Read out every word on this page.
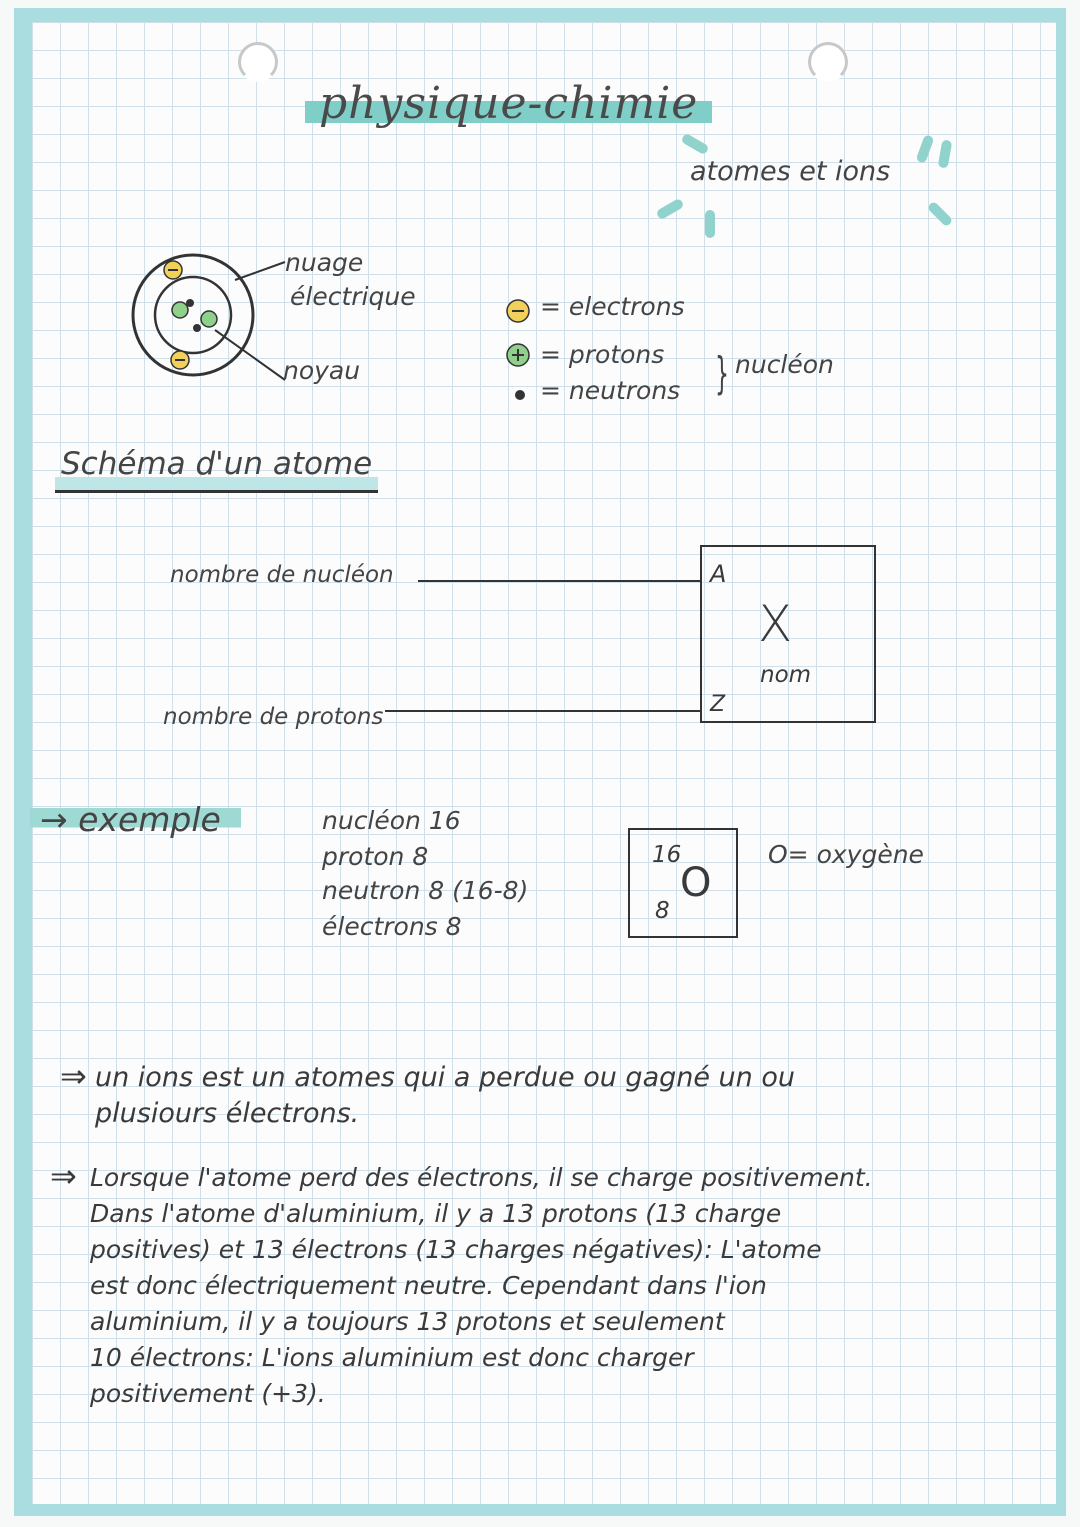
physique-chimie
atomes et ions
nuage
électrique
noyau
= electrons
= protons
= neutrons } nucléon
Schéma d'un atome
nombre de nucléon
nombre de protons
A
X
nom
Z
→ exemple	nucléon 16
proton 8
neutron 8 (16-8)
électrons 8
16
O
8
O= oxygène
⇒ un ions est un atomes qui a perdue ou gagné un ou
plusiours électrons.
⇒ Lorsque l'atome perd des électrons, il se charge positivement.
Dans l'atome d'aluminium, il y a 13 protons (13 charge
positives) et 13 électrons (13 charges négatives): L'atome
est donc électriquement neutre. Cependant dans l'ion
aluminium, il y a toujours 13 protons et seulement
10 électrons: L'ions aluminium est donc charger
positivement (+3).
